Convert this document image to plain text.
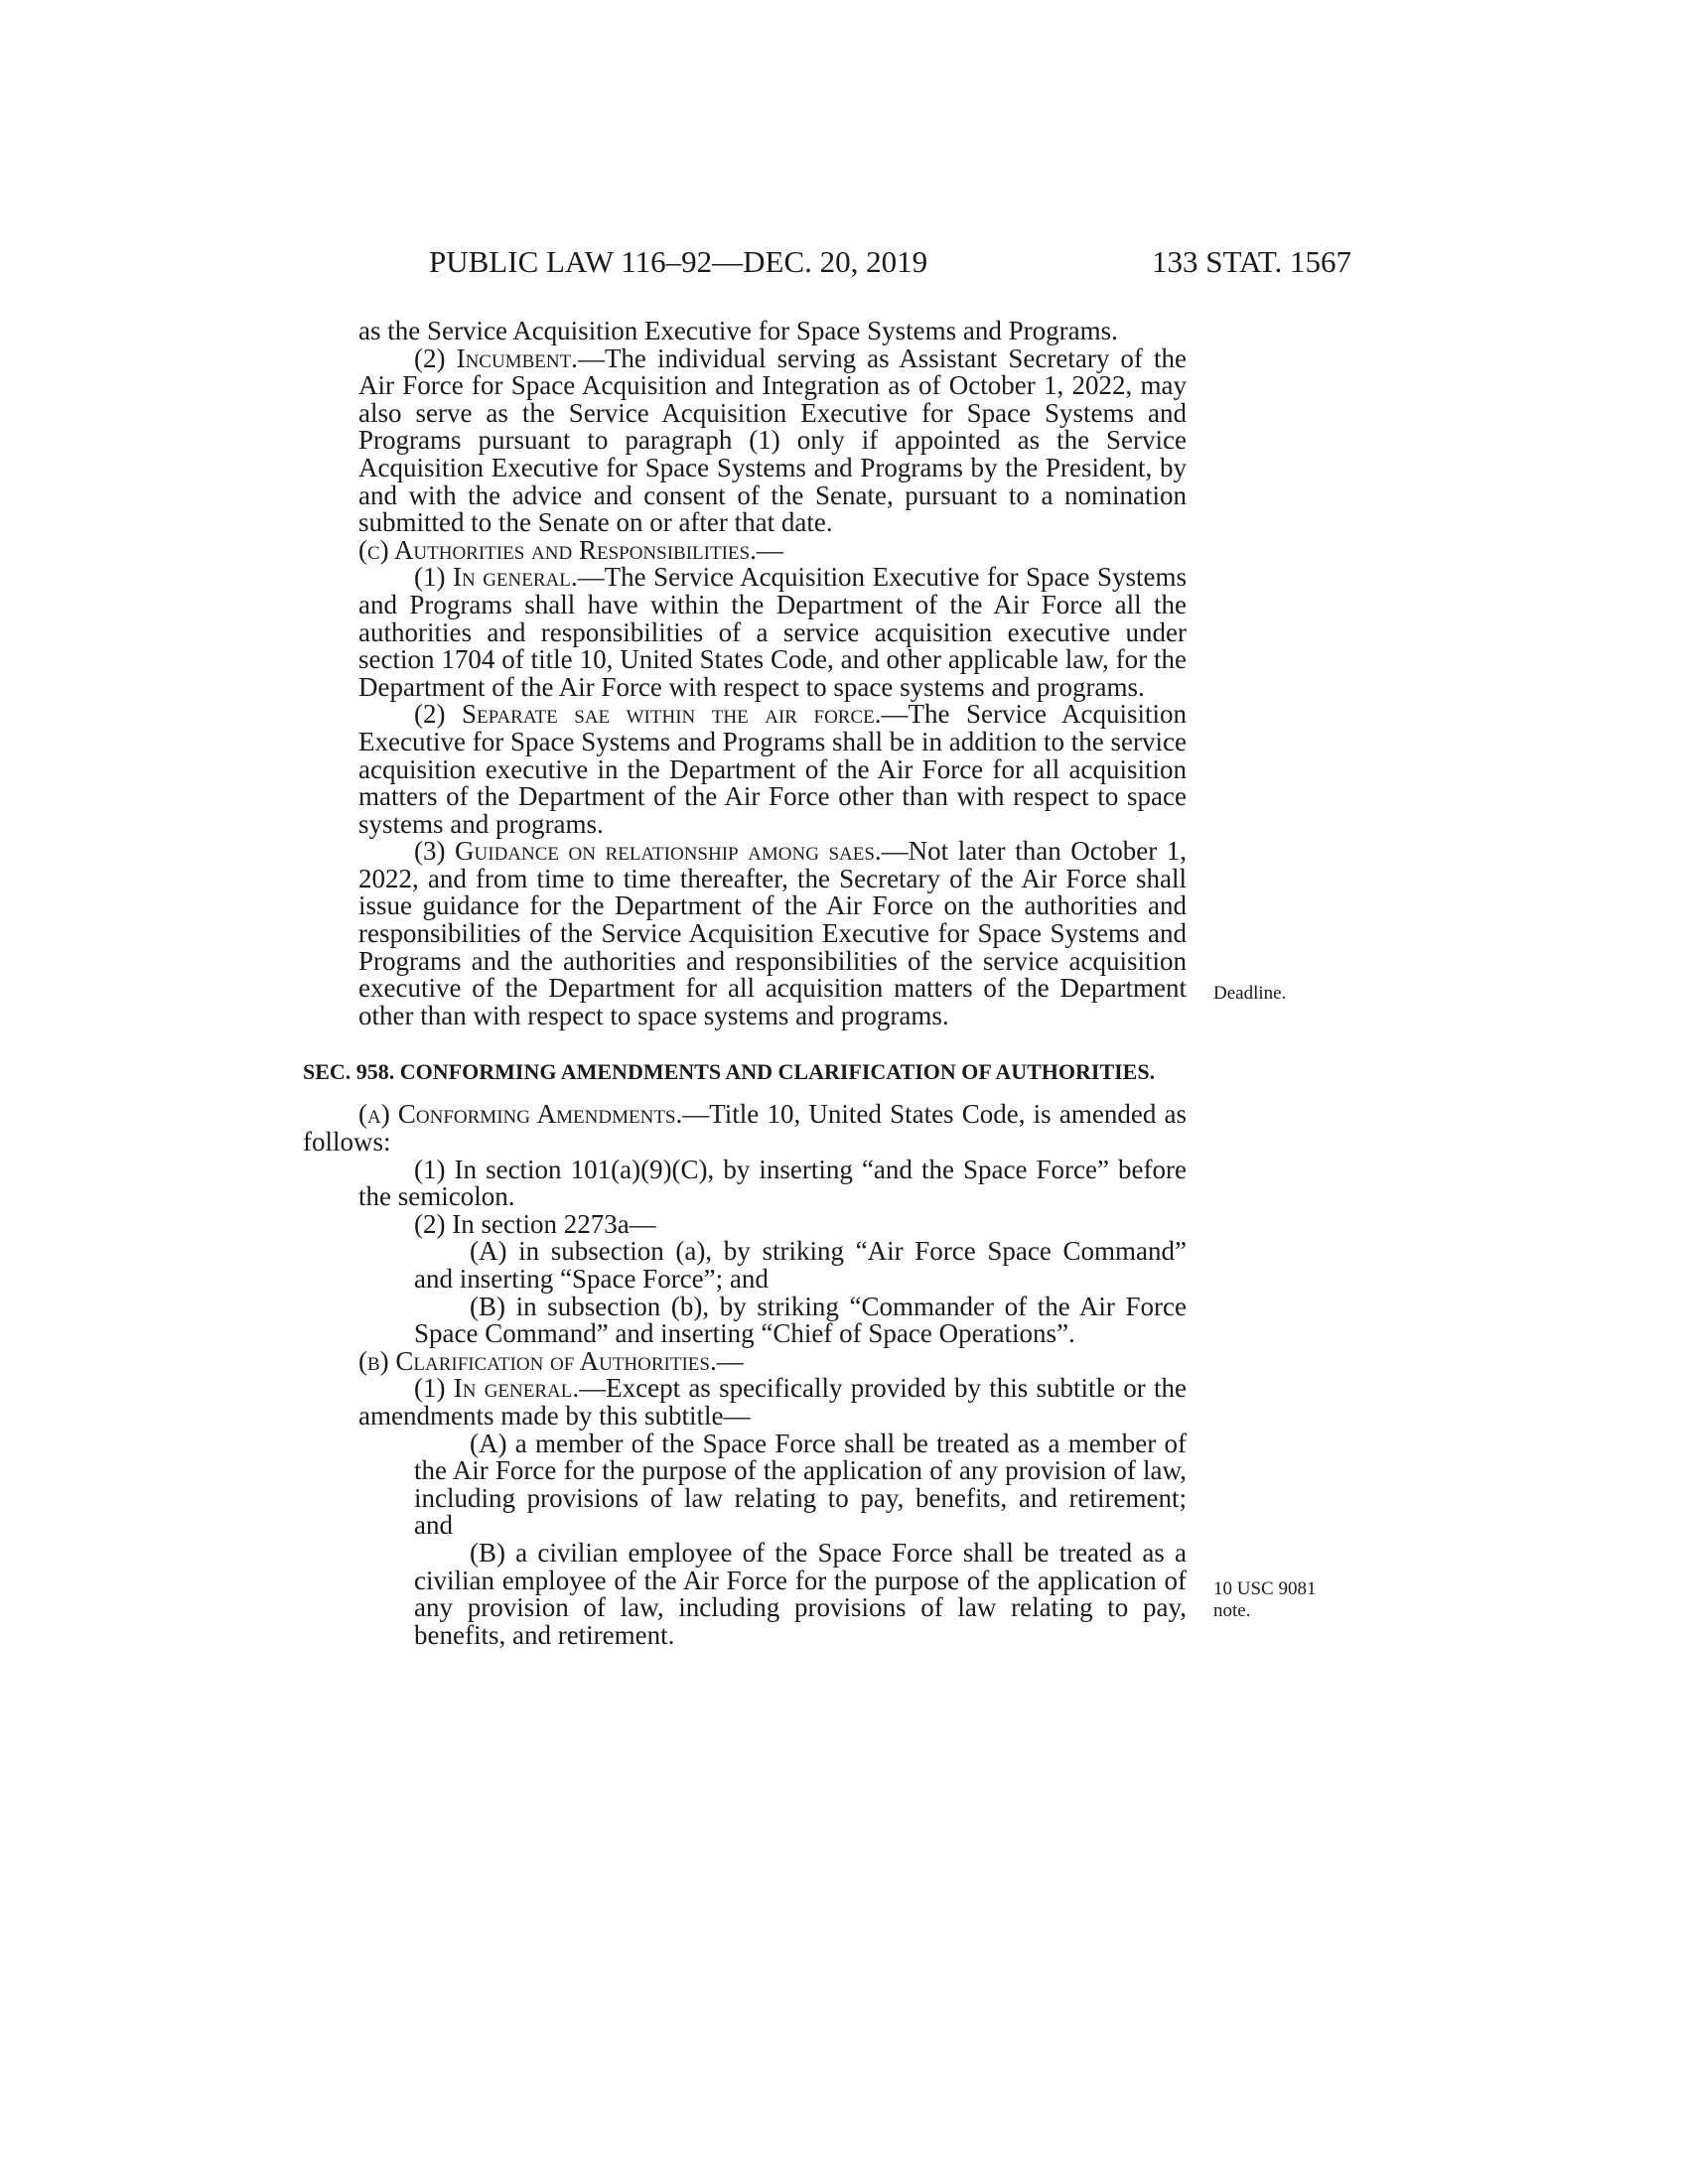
PUBLIC LAW 116–92—DEC. 20, 2019	133 STAT. 1567

as the Service Acquisition Executive for Space Systems and Programs.

(2) Incumbent.—The individual serving as Assistant Secretary of the Air Force for Space Acquisition and Integration as of October 1, 2022, may also serve as the Service Acquisition Executive for Space Systems and Programs pursuant to paragraph (1) only if appointed as the Service Acquisition Executive for Space Systems and Programs by the President, by and with the advice and consent of the Senate, pursuant to a nomination submitted to the Senate on or after that date.

(c) Authorities and Responsibilities.—

(1) In general.—The Service Acquisition Executive for Space Systems and Programs shall have within the Department of the Air Force all the authorities and responsibilities of a service acquisition executive under section 1704 of title 10, United States Code, and other applicable law, for the Department of the Air Force with respect to space systems and programs.

(2) Separate sae within the air force.—The Service Acquisition Executive for Space Systems and Programs shall be in addition to the service acquisition executive in the Department of the Air Force for all acquisition matters of the Department of the Air Force other than with respect to space systems and programs.

(3) Guidance on relationship among saes.—Not later than October 1, 2022, and from time to time thereafter, the Secretary of the Air Force shall issue guidance for the Department of the Air Force on the authorities and responsibilities of the Service Acquisition Executive for Space Systems and Programs and the authorities and responsibilities of the service acquisition executive of the Department for all acquisition matters of the Department other than with respect to space systems and programs.

SEC. 958. CONFORMING AMENDMENTS AND CLARIFICATION OF AUTHORITIES.

(a) Conforming Amendments.—Title 10, United States Code, is amended as follows:

(1) In section 101(a)(9)(C), by inserting “and the Space Force” before the semicolon.

(2) In section 2273a—

(A) in subsection (a), by striking “Air Force Space Command” and inserting “Space Force”; and

(B) in subsection (b), by striking “Commander of the Air Force Space Command” and inserting “Chief of Space Operations”.

(b) Clarification of Authorities.—

(1) In general.—Except as specifically provided by this subtitle or the amendments made by this subtitle—

(A) a member of the Space Force shall be treated as a member of the Air Force for the purpose of the application of any provision of law, including provisions of law relating to pay, benefits, and retirement; and

(B) a civilian employee of the Space Force shall be treated as a civilian employee of the Air Force for the purpose of the application of any provision of law, including provisions of law relating to pay, benefits, and retirement.

Deadline.
10 USC 9081
note.
